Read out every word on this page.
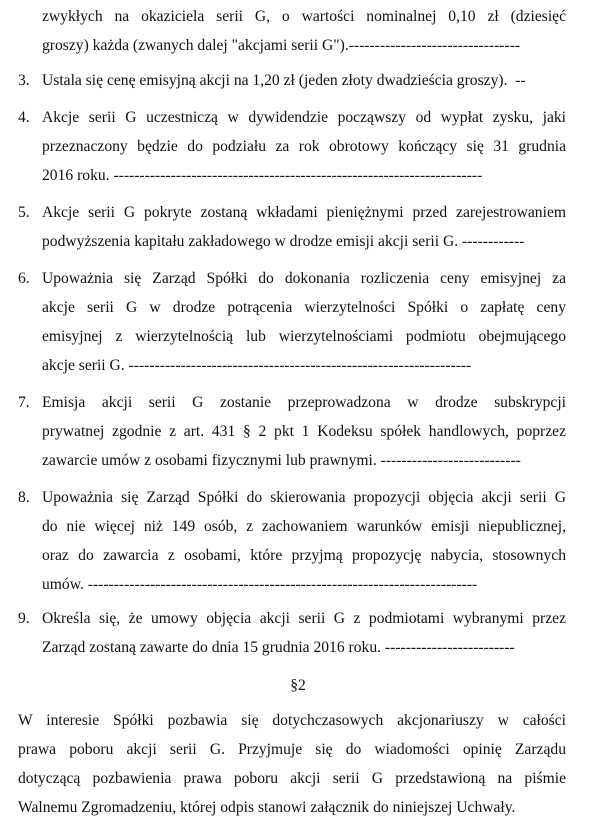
zwykłych na okaziciela serii G, o wartości nominalnej 0,10 zł (dziesięć
groszy) każda (zwanych dalej "akcjami serii G").---------------------------------
3. Ustala się cenę emisyjną akcji na 1,20 zł (jeden złoty dwadzieścia groszy).  --
4. Akcje serii G uczestniczą w dywidendzie począwszy od wypłat zysku, jaki
przeznaczony będzie do podziału za rok obrotowy kończący się 31 grudnia
2016 roku. -----------------------------------------------------------------------
5. Akcje serii G pokryte zostaną wkładami pieniężnymi przed zarejestrowaniem
podwyższenia kapitału zakładowego w drodze emisji akcji serii G. ------------
6. Upoważnia się Zarząd Spółki do dokonania rozliczenia ceny emisyjnej za
akcje serii G w drodze potrącenia wierzytelności Spółki o zapłatę ceny
emisyjnej z wierzytelnością lub wierzytelnościami podmiotu obejmującego
akcje serii G. ------------------------------------------------------------------
7. Emisja akcji serii G zostanie przeprowadzona w drodze subskrypcji
prywatnej zgodnie z art. 431 § 2 pkt 1 Kodeksu spółek handlowych, poprzez
zawarcie umów z osobami fizycznymi lub prawnymi. ---------------------------
8. Upoważnia się Zarząd Spółki do skierowania propozycji objęcia akcji serii G
do nie więcej niż 149 osób, z zachowaniem warunków emisji niepublicznej,
oraz do zawarcia z osobami, które przyjmą propozycję nabycia, stosownych
umów. ---------------------------------------------------------------------------
9. Określa się, że umowy objęcia akcji serii G z podmiotami wybranymi przez
Zarząd zostaną zawarte do dnia 15 grudnia 2016 roku. -------------------------
§2
W interesie Spółki pozbawia się dotychczasowych akcjonariuszy w całości
prawa poboru akcji serii G. Przyjmuje się do wiadomości opinię Zarządu
dotyczącą pozbawienia prawa poboru akcji serii G przedstawioną na piśmie
Walnemu Zgromadzeniu, której odpis stanowi załącznik do niniejszej Uchwały.
